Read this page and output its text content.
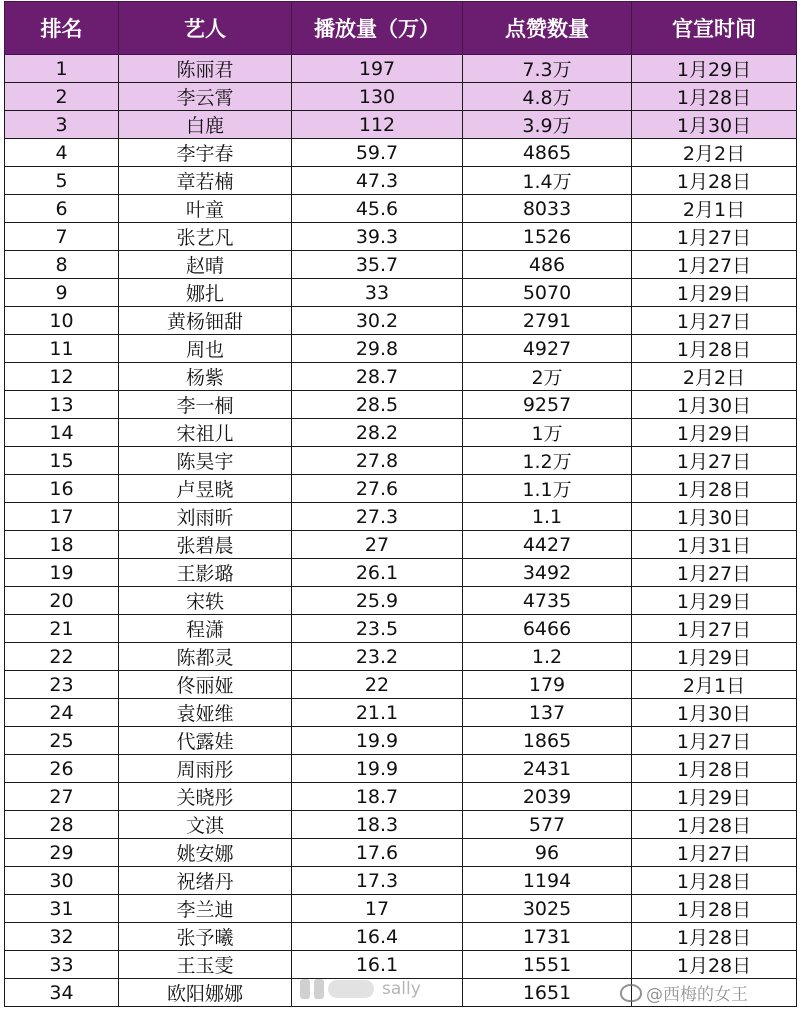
排名	艺人	播放量（万）	点赞数量	官宣时间
1	陈丽君	197	7.3万	1月29日
2	李云霄	130	4.8万	1月28日
3	白鹿	112	3.9万	1月30日
4	李宇春	59.7	4865	2月2日
5	章若楠	47.3	1.4万	1月28日
6	叶童	45.6	8033	2月1日
7	张艺凡	39.3	1526	1月27日
8	赵晴	35.7	486	1月27日
9	娜扎	33	5070	1月29日
10	黄杨钿甜	30.2	2791	1月27日
11	周也	29.8	4927	1月28日
12	杨紫	28.7	2万	2月2日
13	李一桐	28.5	9257	1月30日
14	宋祖儿	28.2	1万	1月29日
15	陈昊宇	27.8	1.2万	1月27日
16	卢昱晓	27.6	1.1万	1月28日
17	刘雨昕	27.3	1.1	1月30日
18	张碧晨	27	4427	1月31日
19	王影璐	26.1	3492	1月27日
20	宋轶	25.9	4735	1月29日
21	程潇	23.5	6466	1月27日
22	陈都灵	23.2	1.2	1月29日
23	佟丽娅	22	179	2月1日
24	袁娅维	21.1	137	1月30日
25	代露娃	19.9	1865	1月27日
26	周雨彤	19.9	2431	1月28日
27	关晓彤	18.7	2039	1月29日
28	文淇	18.3	577	1月28日
29	姚安娜	17.6	96	1月27日
30	祝绪丹	17.3	1194	1月28日
31	李兰迪	17	3025	1月28日
32	张予曦	16.4	1731	1月28日
33	王玉雯	16.1	1551	1月28日
34	欧阳娜娜		1651	
sally	@西梅的女王
